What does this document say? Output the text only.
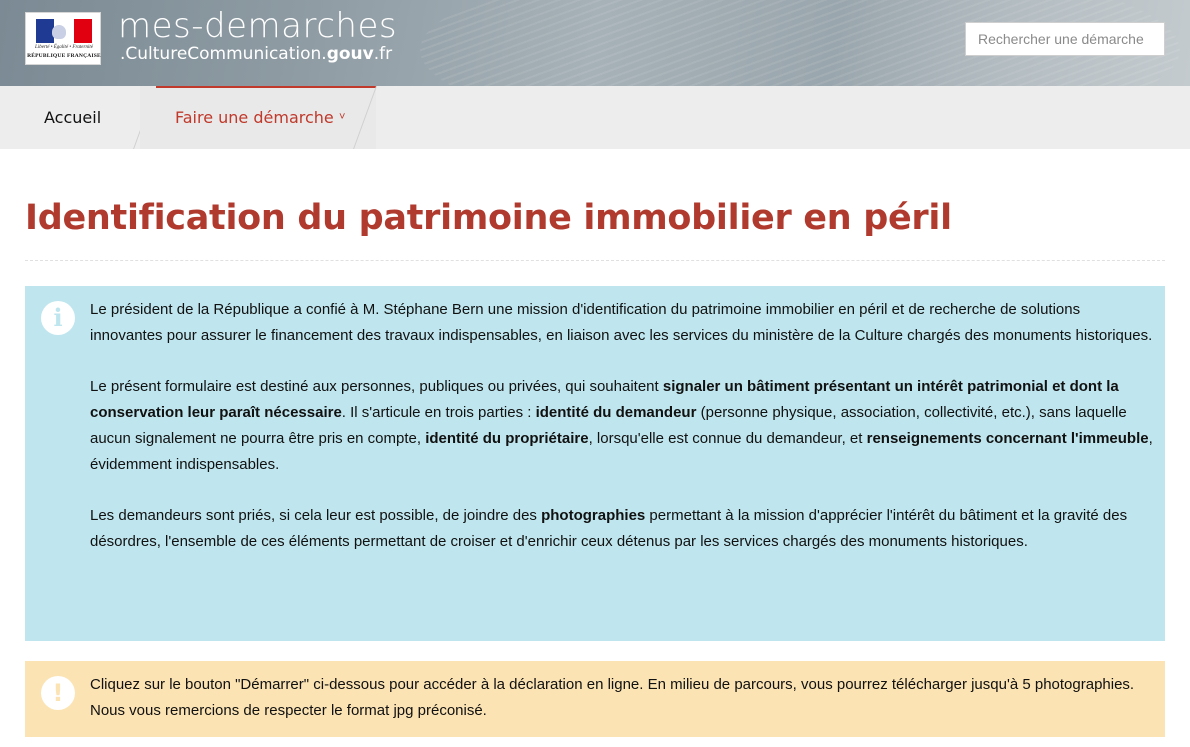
Liberté • Égalité • Fraternité
RÉPUBLIQUE FRANÇAISE
mes-demarches
.CultureCommunication.gouv.fr
Rechercher une démarche
Accueil	Faire une démarche ˅
Identification du patrimoine immobilier en péril
i	Le président de la République a confié à M. Stéphane Bern une mission d'identification du patrimoine immobilier en péril et de recherche de solutions innovantes pour assurer le financement des travaux indispensables, en liaison avec les services du ministère de la Culture chargés des monuments historiques.

Le présent formulaire est destiné aux personnes, publiques ou privées, qui souhaitent signaler un bâtiment présentant un intérêt patrimonial et dont la conservation leur paraît nécessaire. Il s'articule en trois parties : identité du demandeur (personne physique, association, collectivité, etc.), sans laquelle aucun signalement ne pourra être pris en compte, identité du propriétaire, lorsqu'elle est connue du demandeur, et renseignements concernant l'immeuble, évidemment indispensables.

Les demandeurs sont priés, si cela leur est possible, de joindre des photographies permettant à la mission d'apprécier l'intérêt du bâtiment et la gravité des désordres, l'ensemble de ces éléments permettant de croiser et d'enrichir ceux détenus par les services chargés des monuments historiques.

!	Cliquez sur le bouton "Démarrer" ci-dessous pour accéder à la déclaration en ligne. En milieu de parcours, vous pourrez télécharger jusqu'à 5 photographies. Nous vous remercions de respecter le format jpg préconisé.
